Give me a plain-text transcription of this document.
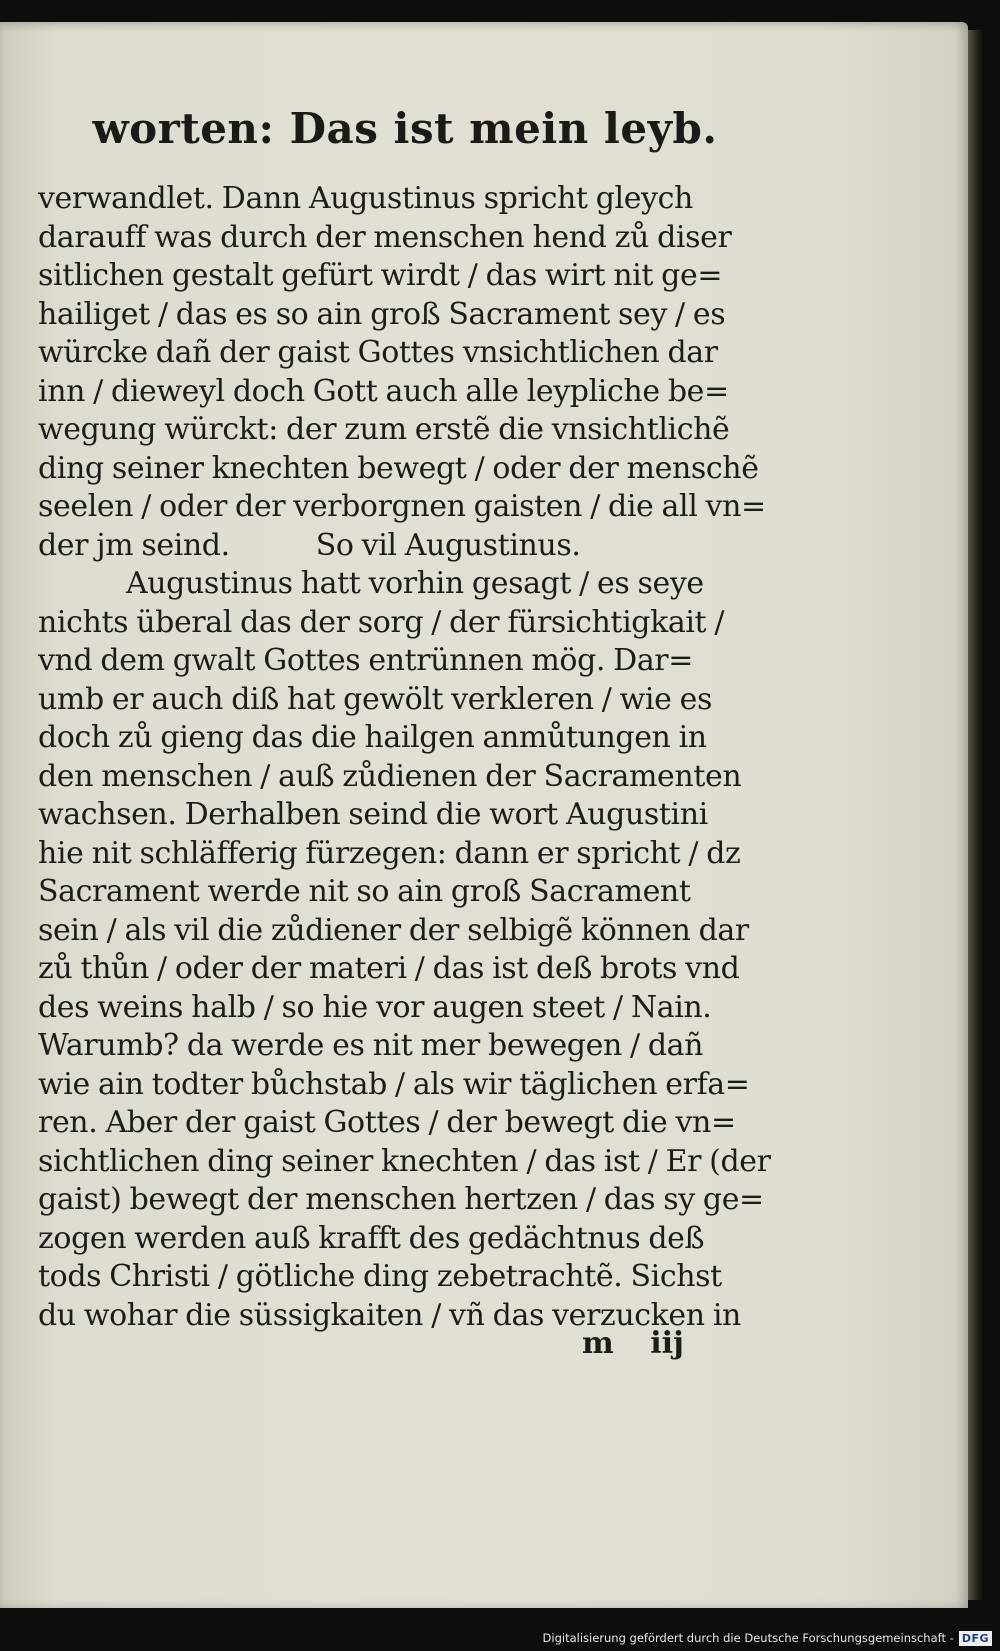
worten: Das ist mein leyb.
verwandlet. Dann Augustinus spricht gleych
darauff was durch der menschen hend zů diser
sitlichen gestalt gefürt wirdt / das wirt nit ge=
hailiget / das es so ain groß Sacrament sey / es
würcke dañ der gaist Gottes vnsichtlichen dar
inn / dieweyl doch Gott auch alle leypliche be=
wegung würckt: der zum erstẽ die vnsichtlichẽ
ding seiner knechten bewegt / oder der menschẽ
seelen / oder der verborgnen gaisten / die all vn=
der jm seind.	So vil Augustinus.
Augustinus hatt vorhin gesagt / es seye
nichts überal das der sorg / der fürsichtigkait /
vnd dem gwalt Gottes entrünnen mög. Dar=
umb er auch diß hat gewölt verkleren / wie es
doch zů gieng das die hailgen anmůtungen in
den menschen / auß zůdienen der Sacramenten
wachsen. Derhalben seind die wort Augustini
hie nit schläfferig fürzegen: dann er spricht / dz
Sacrament werde nit so ain groß Sacrament
sein / als vil die zůdiener der selbigẽ können dar
zů thůn / oder der materi / das ist deß brots vnd
des weins halb / so hie vor augen steet / Nain.
Warumb? da werde es nit mer bewegen / dañ
wie ain todter bůchstab / als wir täglichen erfa=
ren. Aber der gaist Gottes / der bewegt die vn=
sichtlichen ding seiner knechten / das ist / Er (der
gaist) bewegt der menschen hertzen / das sy ge=
zogen werden auß krafft des gedächtnus deß
tods Christi / götliche ding zebetrachtẽ. Sichst
du wohar die süssigkaiten / vñ das verzucken in
m iij
Digitalisierung gefördert durch die Deutsche Forschungsgemeinschaft - DFG
